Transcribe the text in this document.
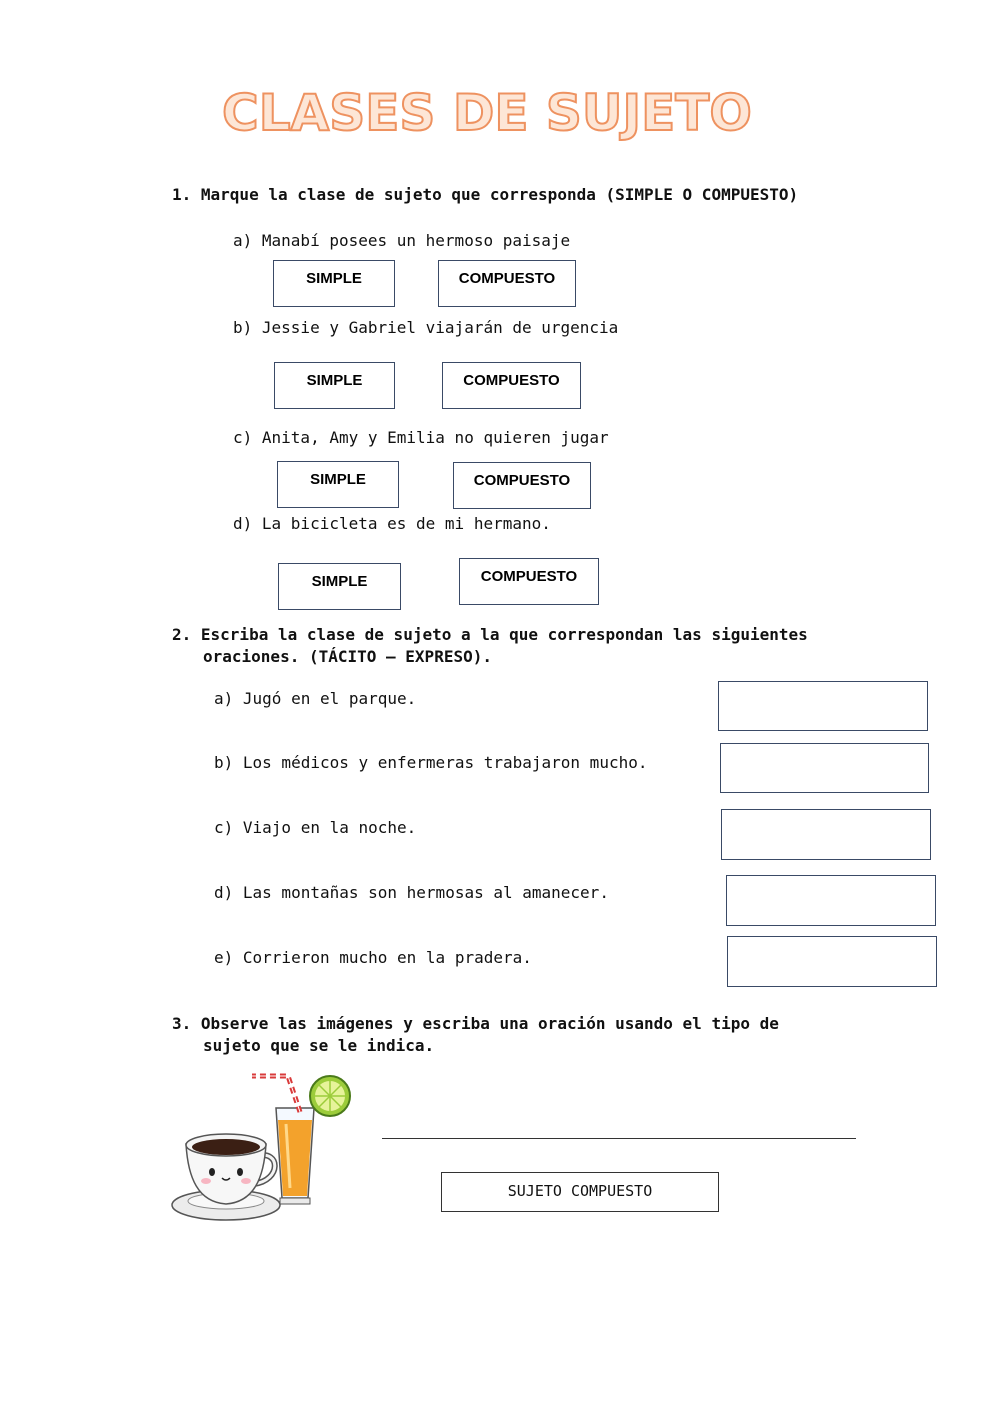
CLASES DE SUJETO
1. Marque la clase de sujeto que corresponda (SIMPLE O COMPUESTO)
a) Manabí posees un hermoso paisaje
SIMPLE	COMPUESTO
b) Jessie y Gabriel viajarán de urgencia
SIMPLE	COMPUESTO
c) Anita, Amy y Emilia no quieren jugar
SIMPLE	COMPUESTO
d) La bicicleta es de mi hermano.
SIMPLE	COMPUESTO
2. Escriba la clase de sujeto a la que correspondan las siguientes
oraciones. (TÁCITO – EXPRESO).
a) Jugó en el parque.
b) Los médicos y enfermeras trabajaron mucho.
c) Viajo en la noche.
d) Las montañas son hermosas al amanecer.
e) Corrieron mucho en la pradera.
3. Observe las imágenes y escriba una oración usando el tipo de
sujeto que se le indica.
SUJETO COMPUESTO
